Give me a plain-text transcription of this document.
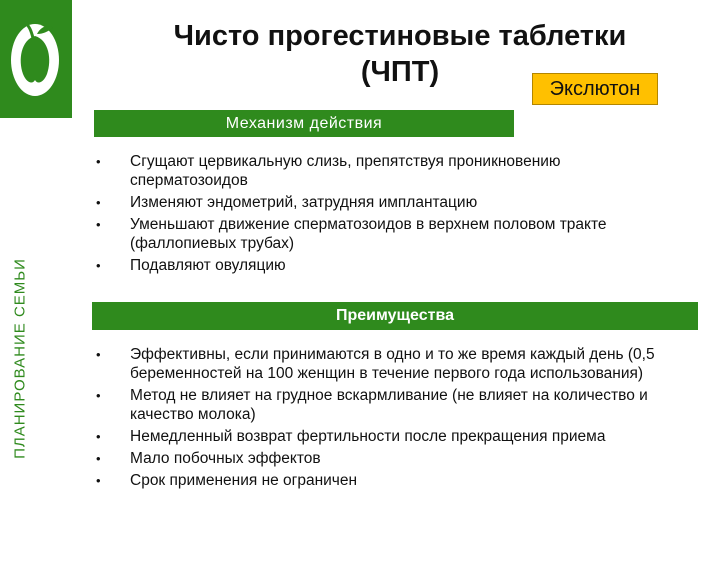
ПЛАНИРОВАНИЕ СЕМЬИ
Чисто прогестиновые таблетки
(ЧПТ)
Экслютон
Механизм действия
• Сгущают цервикальную слизь, препятствуя проникновению сперматозоидов
• Изменяют эндометрий, затрудняя имплантацию
• Уменьшают движение сперматозоидов в верхнем половом тракте (фаллопиевых трубах)
• Подавляют овуляцию
Преимущества
• Эффективны, если принимаются в одно и то же время каждый день (0,5 беременностей на 100 женщин в течение первого года использования)
• Метод не влияет на грудное вскармливание (не влияет на количество и качество молока)
• Немедленный возврат фертильности после прекращения приема
• Мало побочных эффектов
• Срок применения не ограничен
